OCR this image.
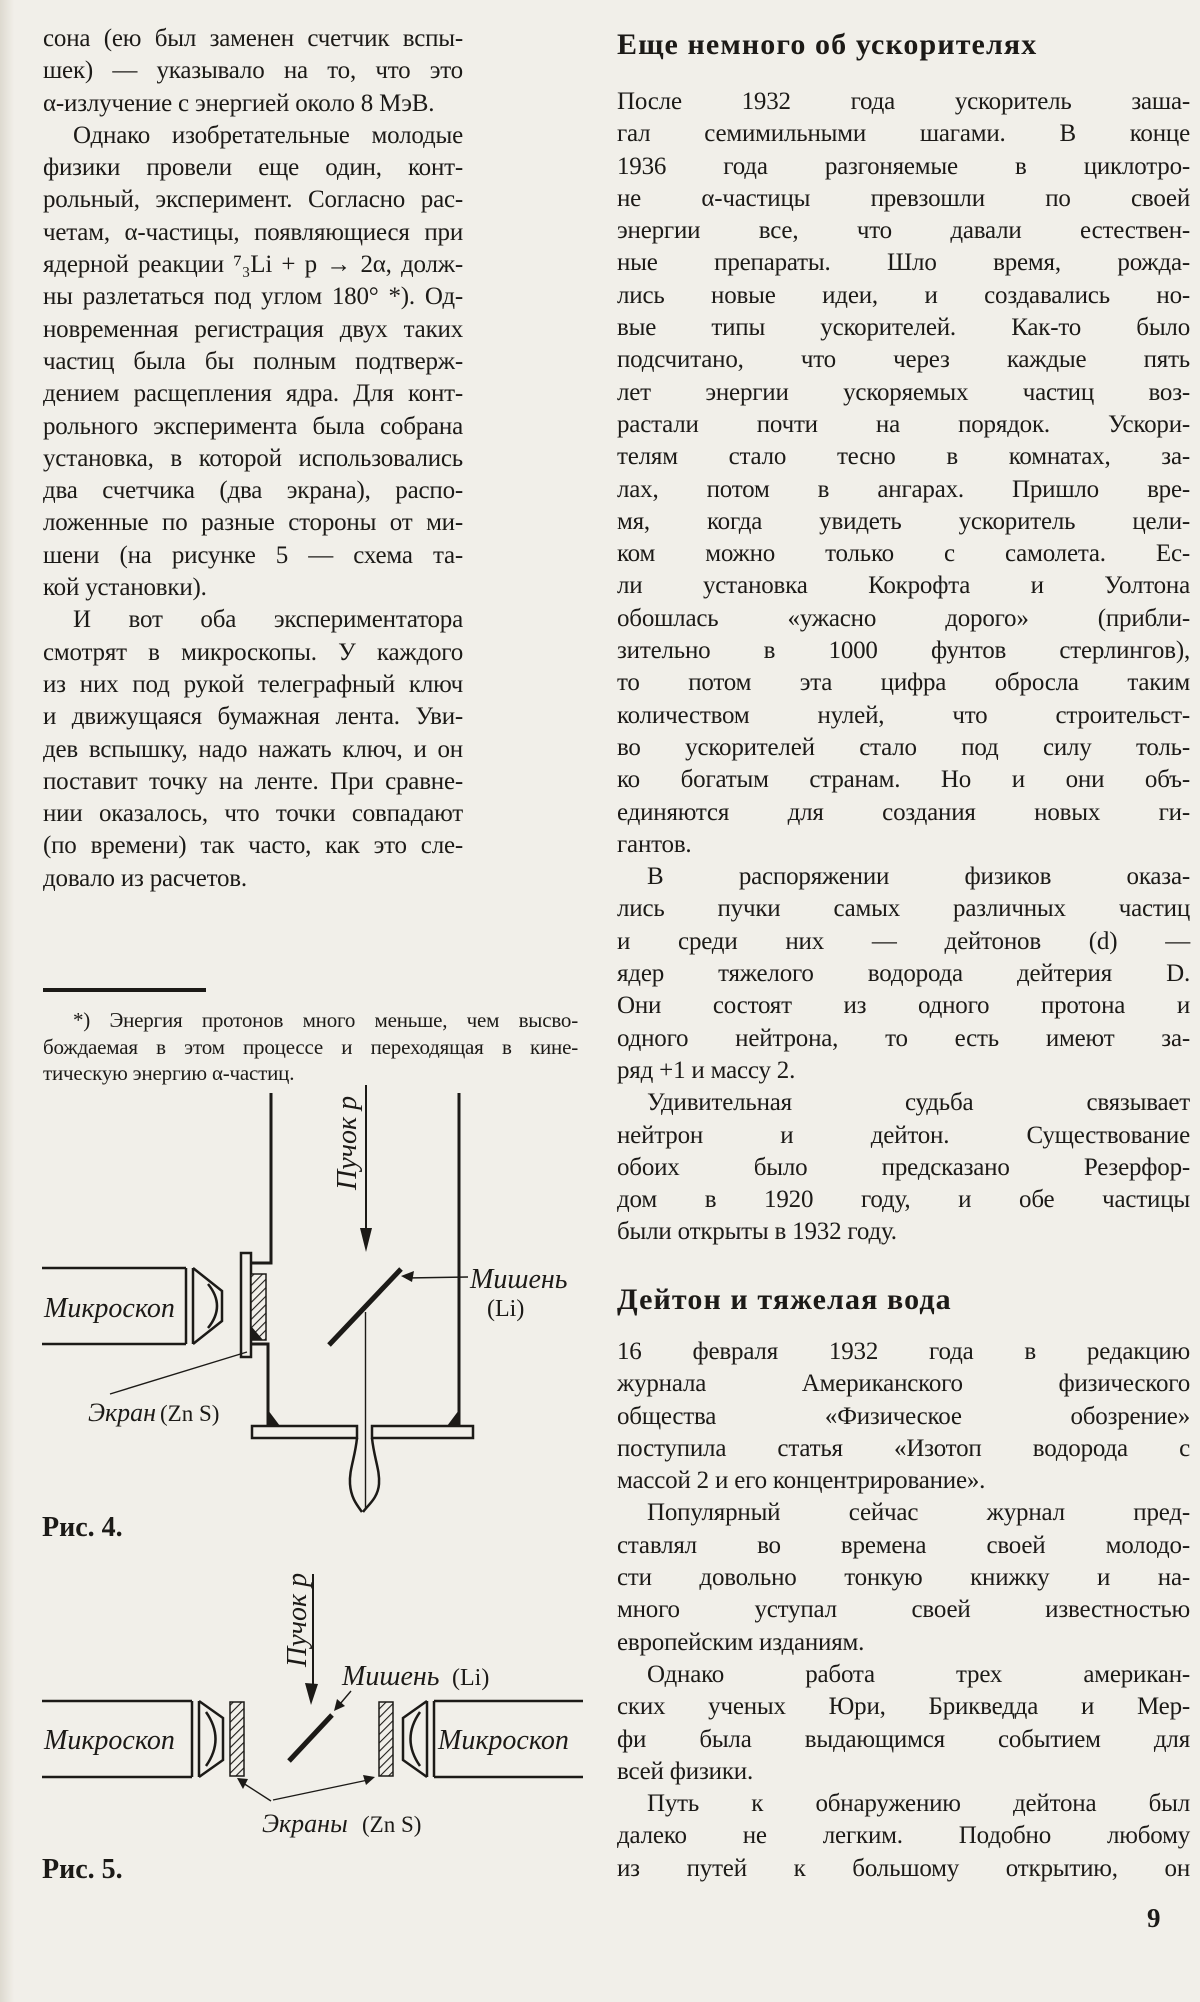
сона (ею был заменен счетчик вспы-
шек) — указывало на то, что это
α-излучение с энергией около 8 МэВ.
Однако изобретательные молодые
физики провели еще один, конт-
рольный, эксперимент. Согласно рас-
четам, α-частицы, появляющиеся при
ядерной реакции ⁷₃Li + p → 2α, долж-
ны разлетаться под углом 180° *). Од-
новременная регистрация двух таких
частиц была бы полным подтверж-
дением расщепления ядра. Для конт-
рольного эксперимента была собрана
установка, в которой использовались
два счетчика (два экрана), распо-
ложенные по разные стороны от ми-
шени (на рисунке 5 — схема та-
кой установки).
И вот оба экспериментатора
смотрят в микроскопы. У каждого
из них под рукой телеграфный ключ
и движущаяся бумажная лента. Уви-
дев вспышку, надо нажать ключ, и он
поставит точку на ленте. При сравне-
нии оказалось, что точки совпадают
(по времени) так часто, как это сле-
довало из расчетов.
*) Энергия протонов много меньше, чем высво-
бождаемая в этом процессе и переходящая в кине-
тическую энергию α-частиц.
Пучок p
Мишень
(Li)
Микроскоп
Экран (Zn S)
Рис. 4.
Пучок p
Мишень (Li)
Микроскоп	Микроскоп
Экраны (Zn S)
Рис. 5.
Еще немного об ускорителях
После 1932 года ускоритель заша-
гал семимильными шагами. В конце
1936 года разгоняемые в циклотро-
не α-частицы превзошли по своей
энергии все, что давали естествен-
ные препараты. Шло время, рожда-
лись новые идеи, и создавались но-
вые типы ускорителей. Как-то было
подсчитано, что через каждые пять
лет энергии ускоряемых частиц воз-
растали почти на порядок. Ускори-
телям стало тесно в комнатах, за-
лах, потом в ангарах. Пришло вре-
мя, когда увидеть ускоритель цели-
ком можно только с самолета. Ес-
ли установка Кокрофта и Уолтона
обошлась «ужасно дорого» (прибли-
зительно в 1000 фунтов стерлингов),
то потом эта цифра обросла таким
количеством нулей, что строительст-
во ускорителей стало под силу толь-
ко богатым странам. Но и они объ-
единяются для создания новых ги-
гантов.
В распоряжении физиков оказа-
лись пучки самых различных частиц
и среди них — дейтонов (d) —
ядер тяжелого водорода дейтерия D.
Они состоят из одного протона и
одного нейтрона, то есть имеют за-
ряд +1 и массу 2.
Удивительная судьба связывает
нейтрон и дейтон. Существование
обоих было предсказано Резерфор-
дом в 1920 году, и обе частицы
были открыты в 1932 году.
Дейтон и тяжелая вода
16 февраля 1932 года в редакцию
журнала Американского физического
общества «Физическое обозрение»
поступила статья «Изотоп водорода с
массой 2 и его концентрирование».
Популярный сейчас журнал пред-
ставлял во времена своей молодо-
сти довольно тонкую книжку и на-
много уступал своей известностью
европейским изданиям.
Однако работа трех американ-
ских ученых Юри, Брикведда и Мер-
фи была выдающимся событием для
всей физики.
Путь к обнаружению дейтона был
далеко не легким. Подобно любому
из путей к большому открытию, он
9
